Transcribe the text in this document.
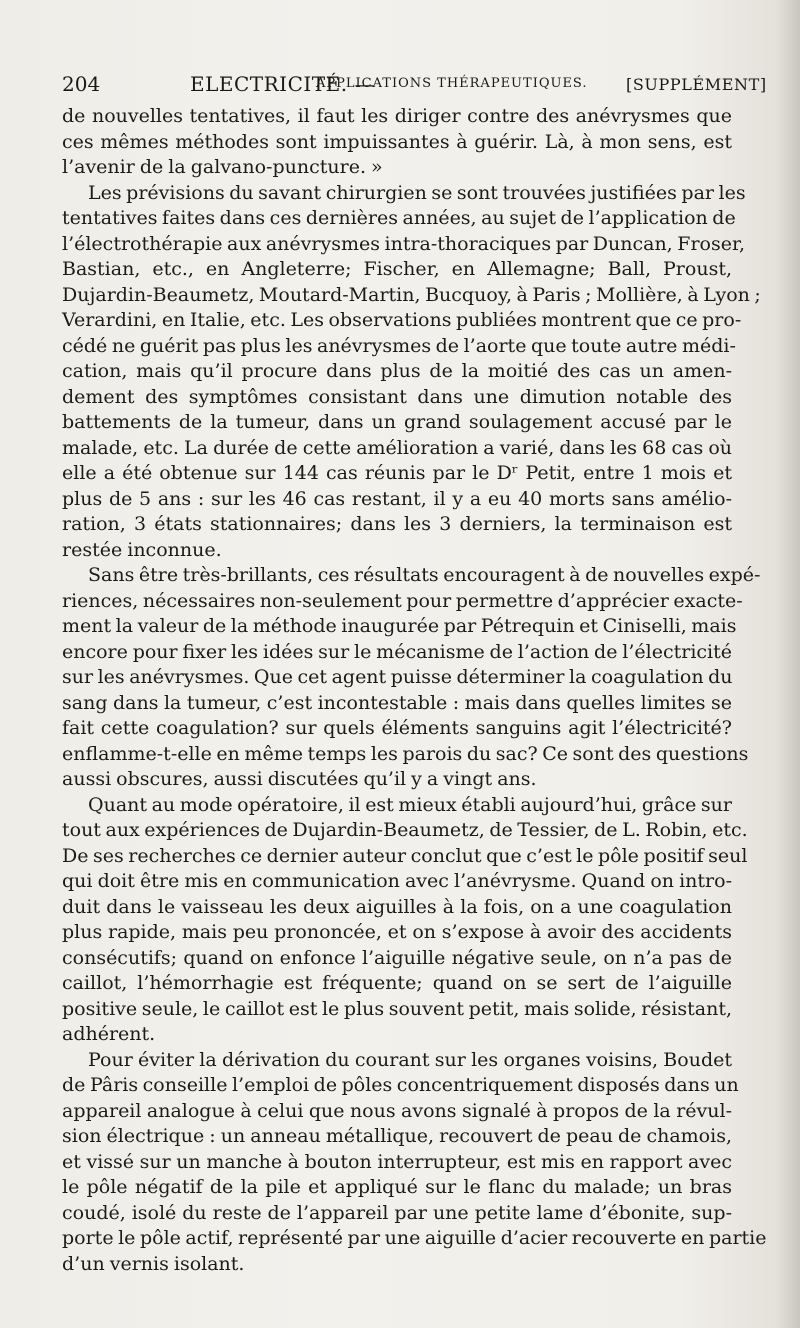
204	ELECTRICITÉ. —
APPLICATIONS THÉRAPEUTIQUES. [SUPPLÉMENT]
de nouvelles tentatives, il faut les diriger contre des anévrysmes que
ces mêmes méthodes sont impuissantes à guérir. Là, à mon sens, est
l’avenir de la galvano-puncture. »
Les prévisions du savant chirurgien se sont trouvées justifiées par les
tentatives faites dans ces dernières années, au sujet de l’application de
l’électrothérapie aux anévrysmes intra-thoraciques par Duncan, Froser,
Bastian, etc., en Angleterre; Fischer, en Allemagne; Ball, Proust,
Dujardin-Beaumetz, Moutard-Martin, Bucquoy, à Paris ; Mollière, à Lyon ;
Verardini, en Italie, etc. Les observations publiées montrent que ce pro-
cédé ne guérit pas plus les anévrysmes de l’aorte que toute autre médi-
cation, mais qu’il procure dans plus de la moitié des cas un amen-
dement des symptômes consistant dans une dimution notable des
battements de la tumeur, dans un grand soulagement accusé par le
malade, etc. La durée de cette amélioration a varié, dans les 68 cas où
elle a été obtenue sur 144 cas réunis par le Dʳ Petit, entre 1 mois et
plus de 5 ans : sur les 46 cas restant, il y a eu 40 morts sans amélio-
ration, 3 états stationnaires; dans les 3 derniers, la terminaison est
restée inconnue.
Sans être très-brillants, ces résultats encouragent à de nouvelles expé-
riences, nécessaires non-seulement pour permettre d’apprécier exacte-
ment la valeur de la méthode inaugurée par Pétrequin et Ciniselli, mais
encore pour fixer les idées sur le mécanisme de l’action de l’électricité
sur les anévrysmes. Que cet agent puisse déterminer la coagulation du
sang dans la tumeur, c’est incontestable : mais dans quelles limites se
fait cette coagulation? sur quels éléments sanguins agit l’électricité?
enflamme-t-elle en même temps les parois du sac? Ce sont des questions
aussi obscures, aussi discutées qu’il y a vingt ans.
Quant au mode opératoire, il est mieux établi aujourd’hui, grâce sur
tout aux expériences de Dujardin-Beaumetz, de Tessier, de L. Robin, etc.
De ses recherches ce dernier auteur conclut que c’est le pôle positif seul
qui doit être mis en communication avec l’anévrysme. Quand on intro-
duit dans le vaisseau les deux aiguilles à la fois, on a une coagulation
plus rapide, mais peu prononcée, et on s’expose à avoir des accidents
consécutifs; quand on enfonce l’aiguille négative seule, on n’a pas de
caillot, l’hémorrhagie est fréquente; quand on se sert de l’aiguille
positive seule, le caillot est le plus souvent petit, mais solide, résistant,
adhérent.
Pour éviter la dérivation du courant sur les organes voisins, Boudet
de Pâris conseille l’emploi de pôles concentriquement disposés dans un
appareil analogue à celui que nous avons signalé à propos de la révul-
sion électrique : un anneau métallique, recouvert de peau de chamois,
et vissé sur un manche à bouton interrupteur, est mis en rapport avec
le pôle négatif de la pile et appliqué sur le flanc du malade; un bras
coudé, isolé du reste de l’appareil par une petite lame d’ébonite, sup-
porte le pôle actif, représenté par une aiguille d’acier recouverte en partie
d’un vernis isolant.
